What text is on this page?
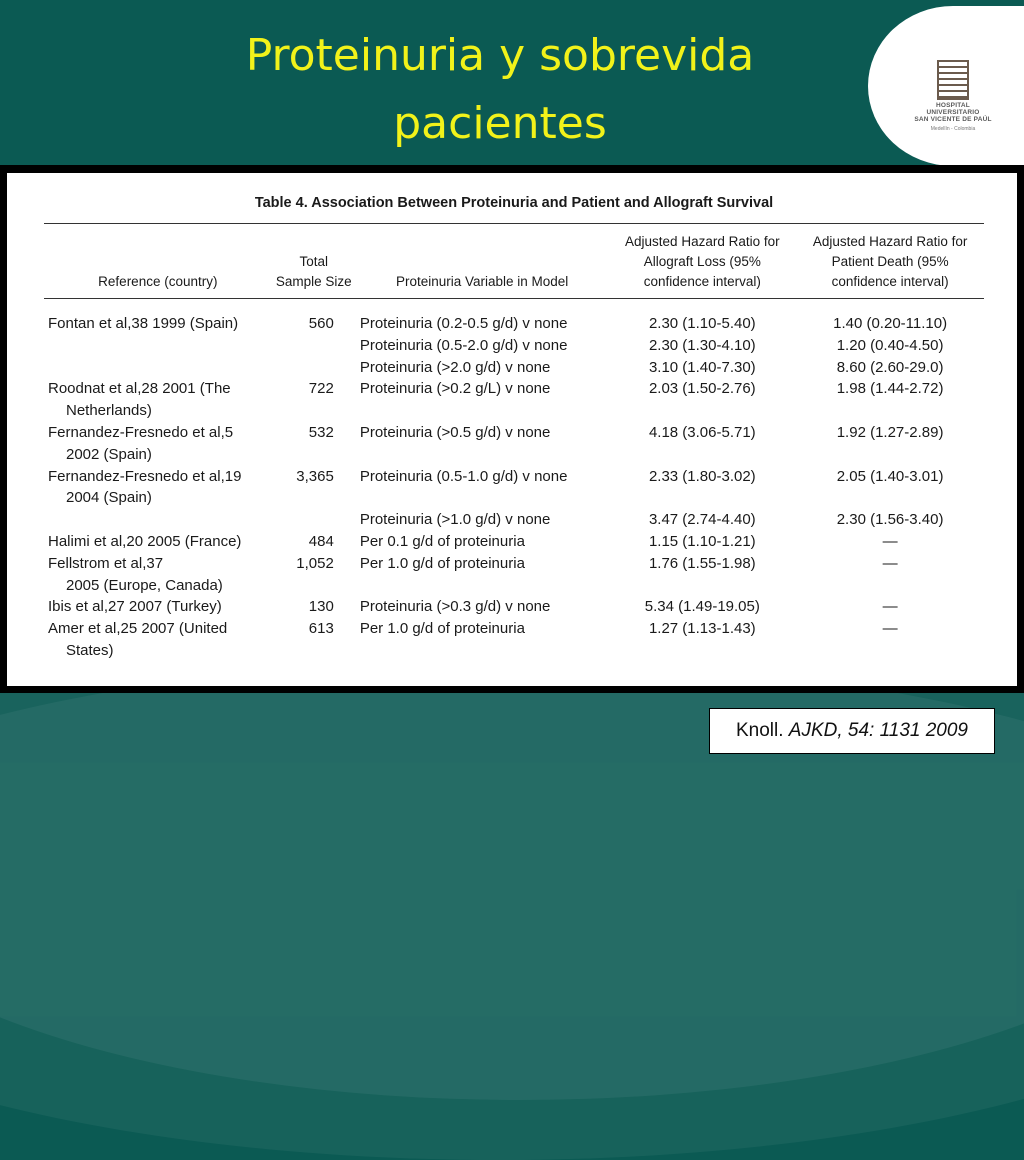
HOSPITAL
UNIVERSITARIO
SAN VICENTE DE PAÚL
Medellín - Colombia
Proteinuria y sobrevida
pacientes
Table 4. Association Between Proteinuria and Patient and Allograft Survival
Reference (country)	Total Sample Size	Proteinuria Variable in Model	Adjusted Hazard Ratio for Allograft Loss (95% confidence interval)	Adjusted Hazard Ratio for Patient Death (95% confidence interval)
Fontan et al,38 1999 (Spain)	560	Proteinuria (0.2-0.5 g/d) v none	2.30 (1.10-5.40)	1.40 (0.20-11.10)
		Proteinuria (0.5-2.0 g/d) v none	2.30 (1.30-4.10)	1.20 (0.40-4.50)
		Proteinuria (>2.0 g/d) v none	3.10 (1.40-7.30)	8.60 (2.60-29.0)
Roodnat et al,28 2001 (The
Netherlands)	722	Proteinuria (>0.2 g/L) v none	2.03 (1.50-2.76)	1.98 (1.44-2.72)
Fernandez-Fresnedo et al,5
2002 (Spain)	532	Proteinuria (>0.5 g/d) v none	4.18 (3.06-5.71)	1.92 (1.27-2.89)
Fernandez-Fresnedo et al,19
2004 (Spain)	3,365	Proteinuria (0.5-1.0 g/d) v none	2.33 (1.80-3.02)	2.05 (1.40-3.01)
		Proteinuria (>1.0 g/d) v none	3.47 (2.74-4.40)	2.30 (1.56-3.40)
Halimi et al,20 2005 (France)	484	Per 0.1 g/d of proteinuria	1.15 (1.10-1.21)	—
Fellstrom et al,37
2005 (Europe, Canada)	1,052	Per 1.0 g/d of proteinuria	1.76 (1.55-1.98)	—
Ibis et al,27 2007 (Turkey)	130	Proteinuria (>0.3 g/d) v none	5.34 (1.49-19.05)	—
Amer et al,25 2007 (United
States)	613	Per 1.0 g/d of proteinuria	1.27 (1.13-1.43)	—
Knoll. AJKD, 54: 1131 2009
